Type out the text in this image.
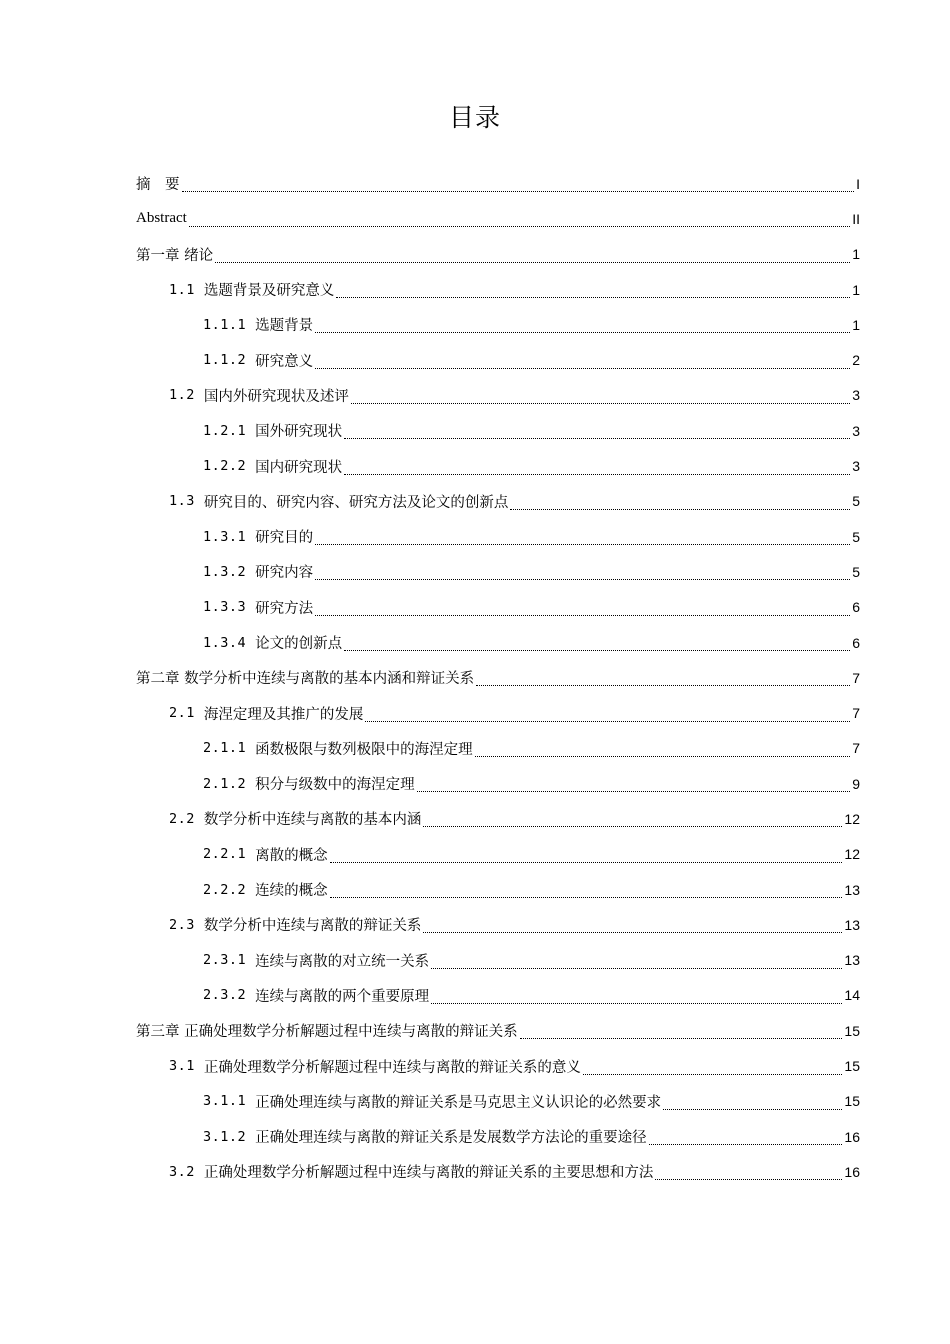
目录
摘　要	I
Abstract	II
第一章 绪论	1
1.1 选题背景及研究意义	1
1.1.1 选题背景	1
1.1.2 研究意义	2
1.2 国内外研究现状及述评	3
1.2.1 国外研究现状	3
1.2.2 国内研究现状	3
1.3 研究目的、研究内容、研究方法及论文的创新点	5
1.3.1 研究目的	5
1.3.2 研究内容	5
1.3.3 研究方法	6
1.3.4 论文的创新点	6
第二章 数学分析中连续与离散的基本内涵和辩证关系	7
2.1 海涅定理及其推广的发展	7
2.1.1 函数极限与数列极限中的海涅定理	7
2.1.2 积分与级数中的海涅定理	9
2.2 数学分析中连续与离散的基本内涵	12
2.2.1 离散的概念	12
2.2.2 连续的概念	13
2.3 数学分析中连续与离散的辩证关系	13
2.3.1 连续与离散的对立统一关系	13
2.3.2 连续与离散的两个重要原理	14
第三章 正确处理数学分析解题过程中连续与离散的辩证关系	15
3.1 正确处理数学分析解题过程中连续与离散的辩证关系的意义	15
3.1.1 正确处理连续与离散的辩证关系是马克思主义认识论的必然要求	15
3.1.2 正确处理连续与离散的辩证关系是发展数学方法论的重要途径	16
3.2 正确处理数学分析解题过程中连续与离散的辩证关系的主要思想和方法	16
